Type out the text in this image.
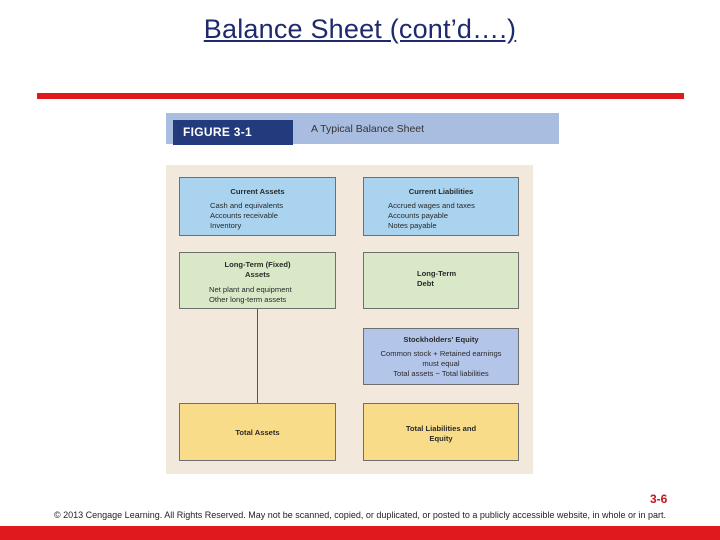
Balance Sheet (cont’d….)
FIGURE 3-1	A Typical Balance Sheet
Current Assets
Cash and equivalents
Accounts receivable
Inventory
Current Liabilities
Accrued wages and taxes
Accounts payable
Notes payable
Long-Term (Fixed)
Assets
Net plant and equipment
Other long-term assets
Long-Term
Debt
Stockholders' Equity
Common stock + Retained earnings
must equal
Total assets − Total liabilities
Total Assets	Total Liabilities and
Equity
3-6
© 2013 Cengage Learning. All Rights Reserved. May not be scanned, copied, or duplicated, or posted to a publicly accessible website, in whole or in part.
